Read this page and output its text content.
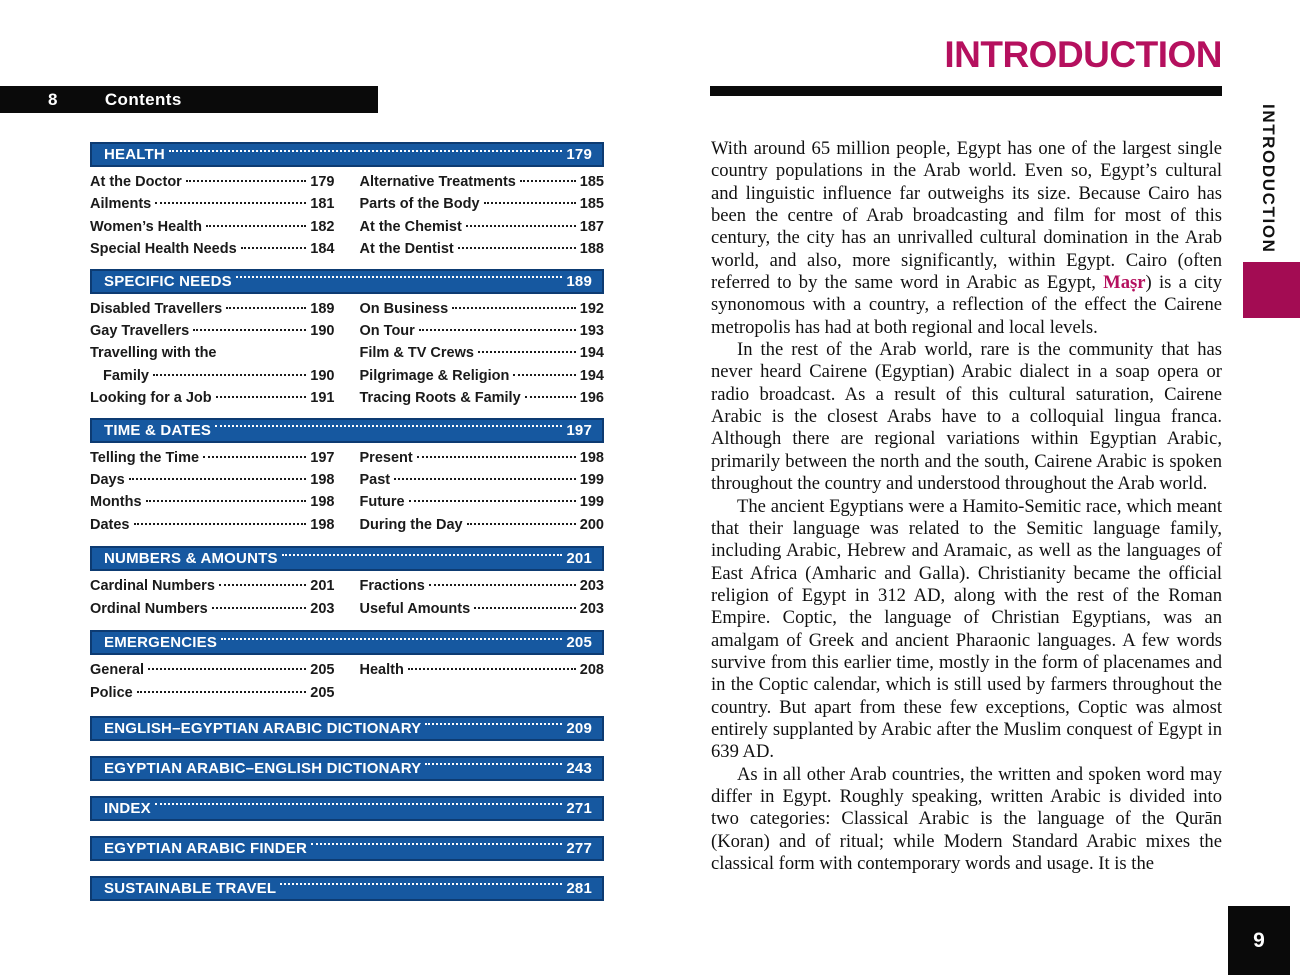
8	Contents
HEALTH	179
At the Doctor	179
Ailments	181
Women’s Health	182
Special Health Needs	184
Alternative Treatments	185
Parts of the Body	185
At the Chemist	187
At the Dentist	188
SPECIFIC NEEDS	189
Disabled Travellers	189
Gay Travellers	190
Travelling with the
Family	190
Looking for a Job	191
On Business	192
On Tour	193
Film & TV Crews	194
Pilgrimage & Religion	194
Tracing Roots & Family	196
TIME & DATES	197
Telling the Time	197
Days	198
Months	198
Dates	198
Present	198
Past	199
Future	199
During the Day	200
NUMBERS & AMOUNTS	201
Cardinal Numbers	201
Ordinal Numbers	203
Fractions	203
Useful Amounts	203
EMERGENCIES	205
General	205
Police	205
Health	208
ENGLISH–EGYPTIAN ARABIC DICTIONARY	209
EGYPTIAN ARABIC–ENGLISH DICTIONARY	243
INDEX	271
EGYPTIAN ARABIC FINDER	277
SUSTAINABLE TRAVEL	281
INTRODUCTION

With around 65 million people, Egypt has one of the largest single country populations in the Arab world. Even so, Egypt’s cultural and linguistic influence far outweighs its size. Because Cairo has been the centre of Arab broadcasting and film for most of this century, the city has an unrivalled cultural domination in the Arab world, and also, more significantly, within Egypt. Cairo (often referred to by the same word in Arabic as Egypt, Maṣr) is a city synonomous with a country, a reflection of the effect the Cairene metropolis has had at both regional and local levels.

In the rest of the Arab world, rare is the community that has never heard Cairene (Egyptian) Arabic dialect in a soap opera or radio broadcast. As a result of this cultural saturation, Cairene Arabic is the closest Arabs have to a colloquial lingua franca. Although there are regional variations within Egyptian Arabic, primarily between the north and the south, Cairene Arabic is spoken throughout the country and understood throughout the Arab world.

The ancient Egyptians were a Hamito-Semitic race, which meant that their language was related to the Semitic language family, including Arabic, Hebrew and Aramaic, as well as the languages of East Africa (Amharic and Galla). Christianity became the official religion of Egypt in 312 AD, along with the rest of the Roman Empire. Coptic, the language of Christian Egyptians, was an amalgam of Greek and ancient Pharaonic languages. A few words survive from this earlier time, mostly in the form of placenames and in the Coptic calendar, which is still used by farmers throughout the country. But apart from these few exceptions, Coptic was almost entirely supplanted by Arabic after the Muslim conquest of Egypt in 639 AD.

As in all other Arab countries, the written and spoken word may differ in Egypt. Roughly speaking, written Arabic is divided into two categories: Classical Arabic is the language of the Qurān (Koran) and of ritual; while Modern Standard Arabic mixes the classical form with contemporary words and usage. It is the

INTRODUCTION
9
